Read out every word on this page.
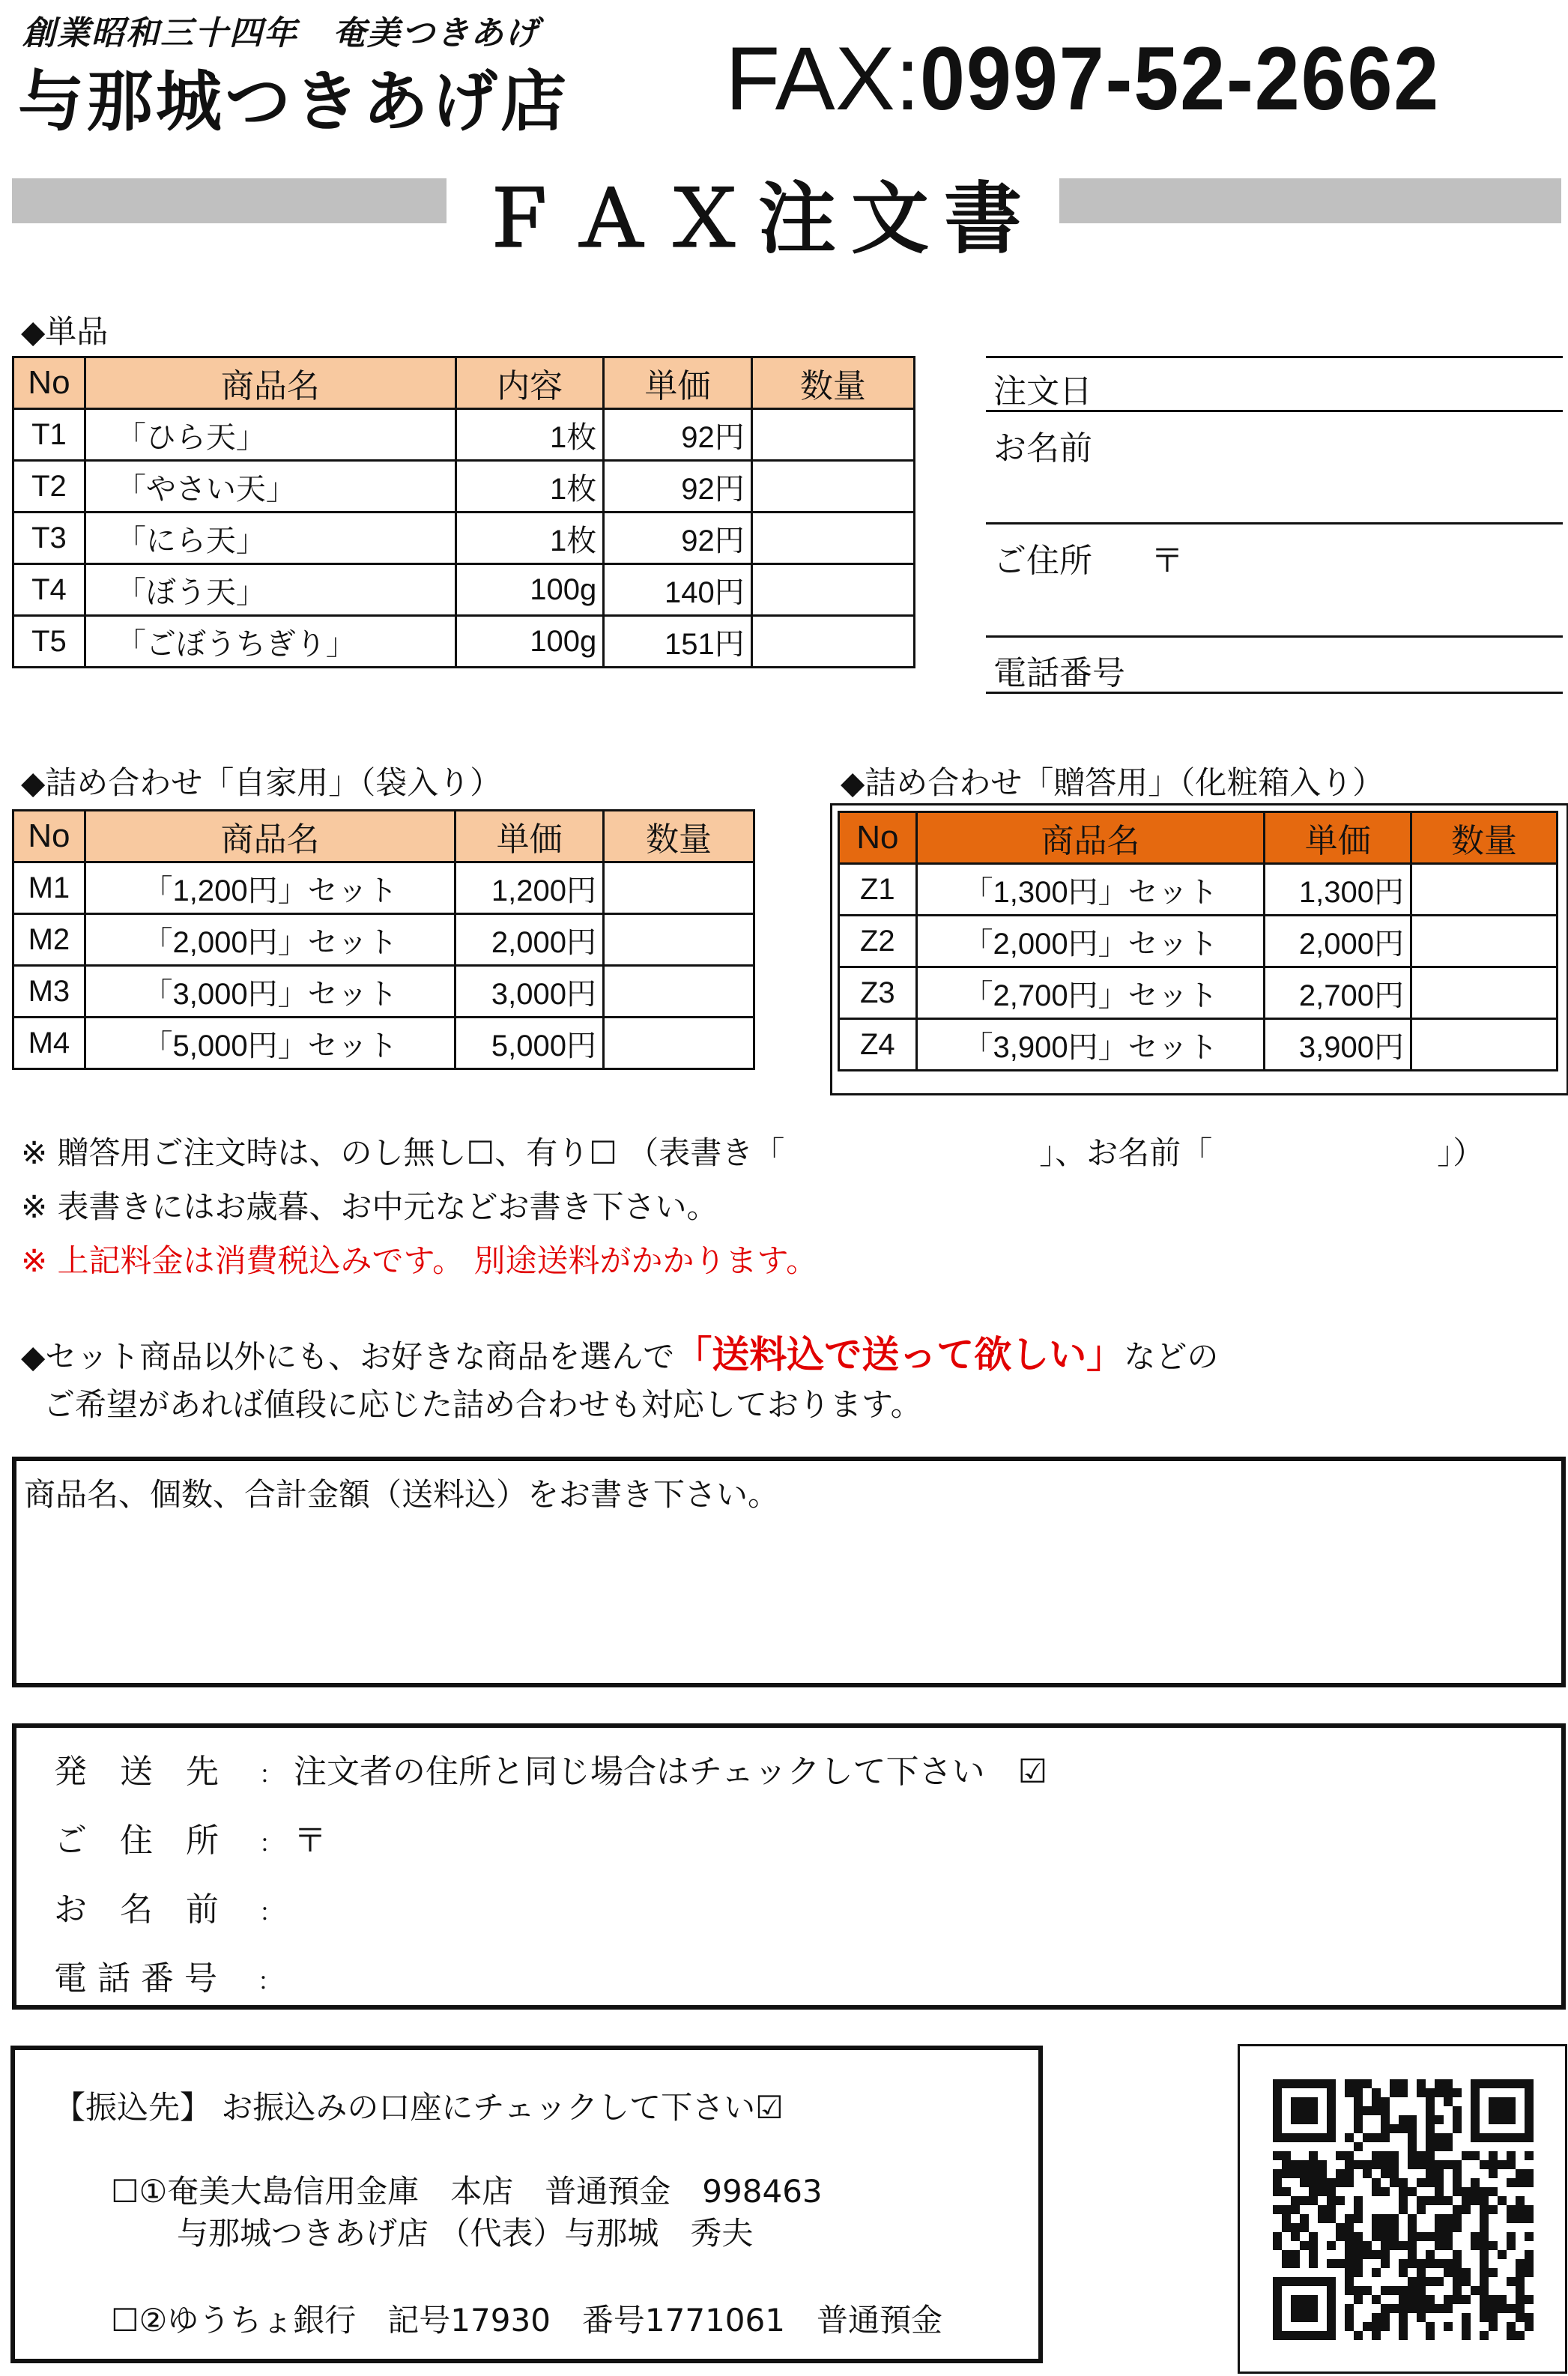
創業昭和三十四年　奄美つきあげ
与那城つきあげ店 FAX:0997-52-2662
ＦＡＸ注文書
◆単品
No	商品名	内容	単価	数量
T1	「ひら天」	1枚	92円	
T2	「やさい天」	1枚	92円	
T3	「にら天」	1枚	92円	
T4	「ぼう天」	100g	140円	
T5	「ごぼうちぎり」	100g	151円	
注文日
お名前
ご住所 〒
電話番号
◆詰め合わせ「自家用」（袋入り）
No	商品名	単価	数量
M1	「1,200円」セット	1,200円	
M2	「2,000円」セット	2,000円	
M3	「3,000円」セット	3,000円	
M4	「5,000円」セット	5,000円	
◆詰め合わせ「贈答用」（化粧箱入り）
No	商品名	単価	数量
Z1	「1,300円」セット	1,300円	
Z2	「2,000円」セット	2,000円	
Z3	「2,700円」セット	2,700円	
Z4	「3,900円」セット	3,900円	
※ 贈答用ご注文時は、のし無し☐、有り☐ （表書き「	」、お名前「	」）
※ 表書きにはお歳暮、お中元などお書き下さい。
※ 上記料金は消費税込みです。 別途送料がかかります。
◆セット商品以外にも、お好きな商品を選んで「送料込で送って欲しい」などの
ご希望があれば値段に応じた詰め合わせも対応しております。
商品名、個数、合計金額（送料込）をお書き下さい。
発　送　先 ： 注文者の住所と同じ場合はチェックして下さい　☑
ご　住　所 ： 〒
お　名　前 ：
電 話 番 号 ：
【振込先】 お振込みの口座にチェックして下さい☑
☐①奄美大島信用金庫　本店　普通預金　998463
与那城つきあげ店 （代表）与那城　秀夫
☐②ゆうちょ銀行　記号17930　番号1771061　普通預金
